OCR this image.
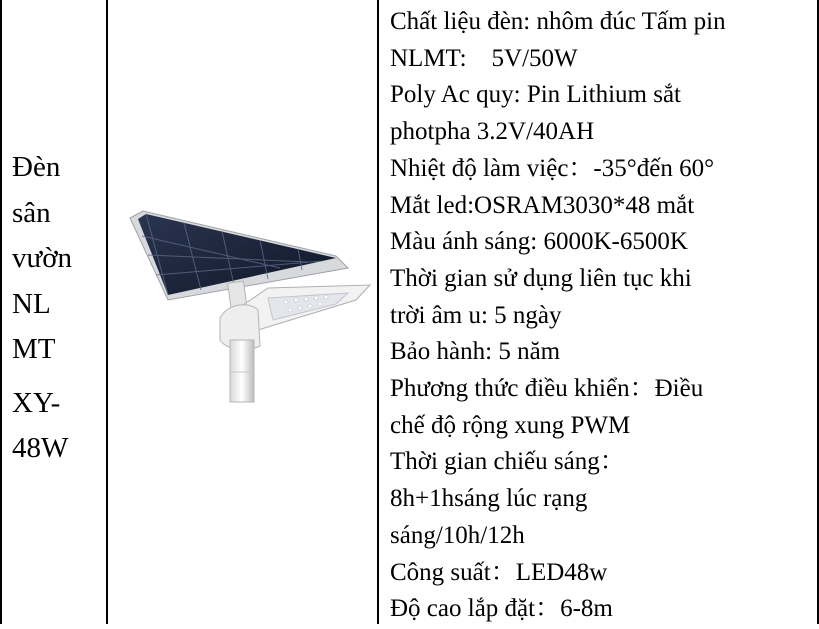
Đèn
sân
vườn
NL
MT
XY-
48W
Chất liệu đèn: nhôm đúc Tấm pin
NLMT:    5V/50W
Poly Ac quy: Pin Lithium sắt
photpha 3.2V/40AH
Nhiệt độ làm việc：-35°đến 60°
Mắt led:OSRAM3030*48 mắt
Màu ánh sáng: 6000K-6500K
Thời gian sử dụng liên tục khi
trời âm u: 5 ngày
Bảo hành: 5 năm
Phương thức điều khiển：Điều
chế độ rộng xung PWM
Thời gian chiếu sáng：
8h+1hsáng lúc rạng
sáng/10h/12h
Công suất：LED48w
Độ cao lắp đặt：6-8m
